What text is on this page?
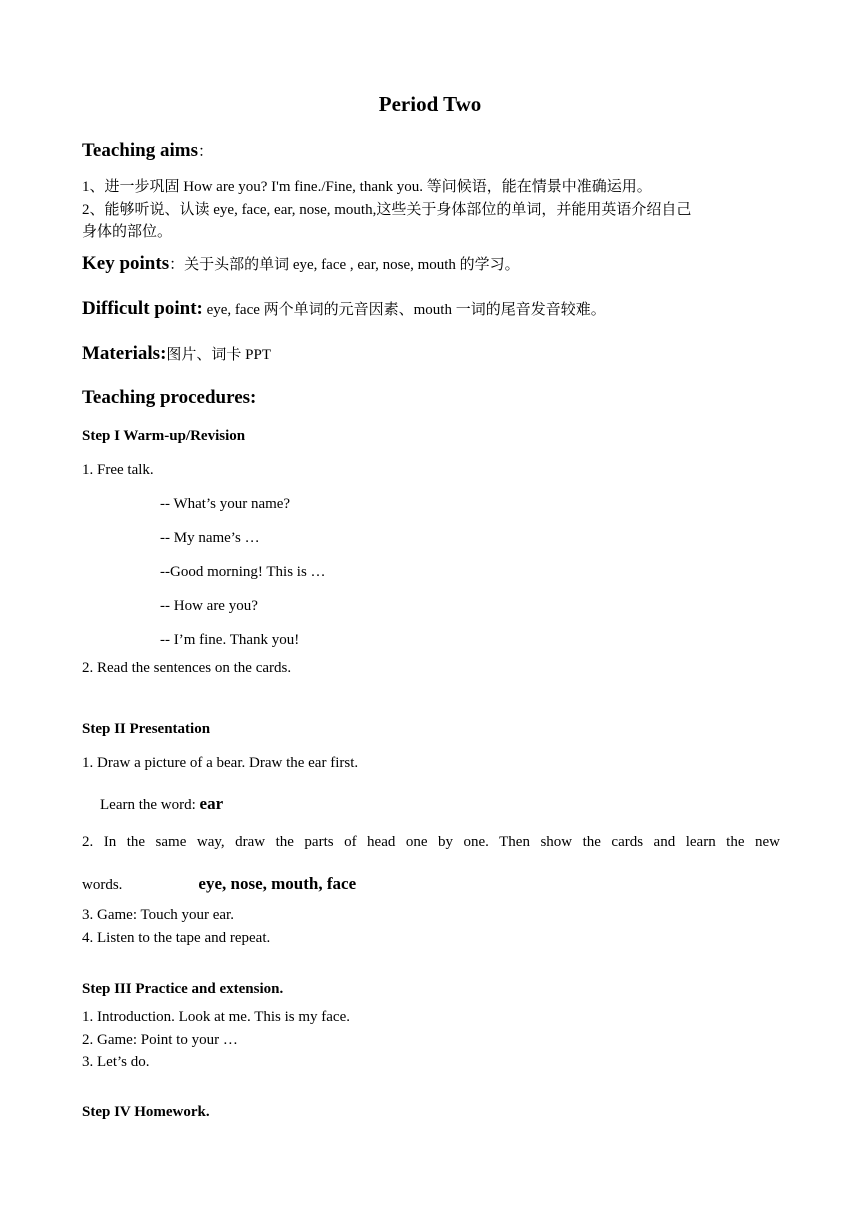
Period Two
Teaching aims：
1、进一步巩固 How are you? I'm fine./Fine, thank you. 等问候语，能在情景中准确运用。
2、能够听说、认读 eye, face, ear, nose, mouth,这些关于身体部位的单词，并能用英语介绍自己
身体的部位。
Key points：关于头部的单词 eye, face , ear, nose, mouth 的学习。
Difficult point: eye, face 两个单词的元音因素、mouth 一词的尾音发音较难。
Materials:图片、词卡 PPT
Teaching procedures:
Step I Warm-up/Revision
1. Free talk.
-- What’s your name?
-- My name’s …
--Good morning! This is …
-- How are you?
-- I’m fine. Thank you!
2. Read the sentences on the cards.
Step II Presentation
1. Draw a picture of a bear. Draw the ear first.
Learn the word: ear
2. In the same way, draw the parts of head one by one. Then show the cards and learn the new
words.	eye, nose, mouth, face
3. Game: Touch your ear.
4. Listen to the tape and repeat.
Step III Practice and extension.
1. Introduction. Look at me. This is my face.
2. Game: Point to your …
3. Let’s do.
Step IV Homework.
